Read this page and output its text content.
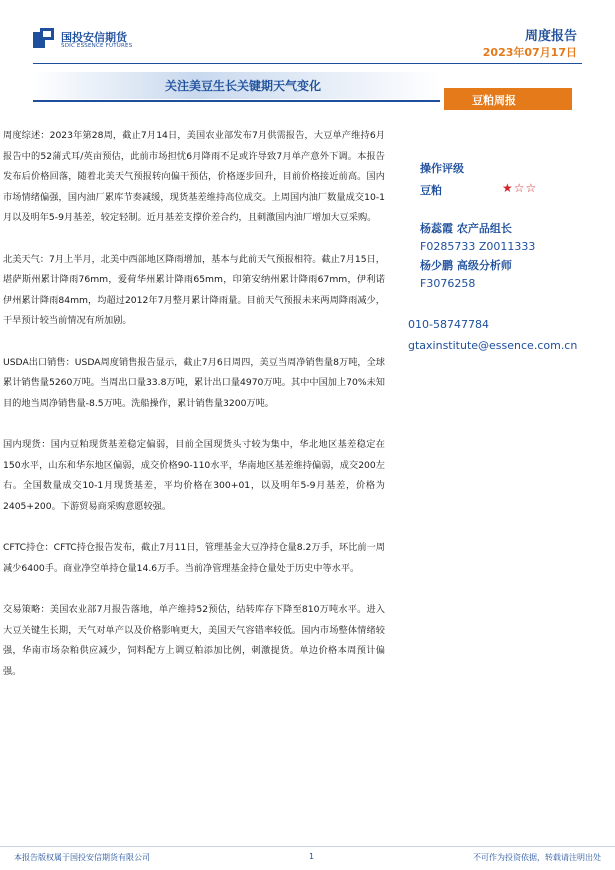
国投安信期货
SDIC ESSENCE FUTURES
周度报告
2023年07月17日
关注美豆生长关键期天气变化
豆粕周报

周度综述：2023年第28周，截止7月14日，美国农业部发布7月供需报告，大豆单产维持6月报告中的52蒲式耳/英亩预估，此前市场担忧6月降雨不足或许导致7月单产意外下调。本报告发布后价格回落，随着北美天气预报转向偏干预估，价格逐步回升，目前价格接近前高。国内市场情绪偏强，国内油厂累库节奏减缓，现货基差维持高位成交。上周国内油厂数量成交10-1月以及明年5-9月基差，较定轻制。近月基差支撑价差合约，且刺激国内油厂增加大豆采购。

北美天气：7月上半月，北美中西部地区降雨增加，基本与此前天气预报相符。截止7月15日，堪萨斯州累计降雨76mm，爱荷华州累计降雨65mm，印第安纳州累计降雨67mm，伊利诺伊州累计降雨84mm，均超过2012年7月整月累计降雨量。目前天气预报未来两周降雨减少，干旱预计较当前情况有所加剧。

USDA出口销售：USDA周度销售报告显示，截止7月6日周四，美豆当周净销售量8万吨，全球累计销售量5260万吨。当周出口量33.8万吨，累计出口量4970万吨。其中中国加上70%未知目的地当周净销售量-8.5万吨。洗船操作，累计销售量3200万吨。

国内现货：国内豆粕现货基差稳定偏弱，目前全国现货头寸较为集中，华北地区基差稳定在150水平，山东和华东地区偏弱，成交价格90-110水平，华南地区基差维持偏弱，成交200左右。全国数量成交10-1月现货基差，平均价格在300+01，以及明年5-9月基差，价格为2405+200。下游贸易商采购意愿较强。

CFTC持仓：CFTC持仓报告发布，截止7月11日，管理基金大豆净持仓量8.2万手，环比前一周减少6400手。商业净空单持仓量14.6万手。当前净管理基金持仓量处于历史中等水平。

交易策略：美国农业部7月报告落地，单产维持52预估，结转库存下降至810万吨水平。进入大豆关键生长期，天气对单产以及价格影响更大，美国天气容错率较低。国内市场整体情绪较强，华南市场杂粕供应减少，饲料配方上调豆粕添加比例，刺激提货。单边价格本周预计偏强。

操作评级
豆粕	★☆☆
杨蕊霞 农产品组长
F0285733 Z0011333
杨少鹏 高级分析师
F3076258
010-58747784
gtaxinstitute@essence.com.cn
本报告版权属于国投安信期货有限公司	1	不可作为投资依据，转载请注明出处
